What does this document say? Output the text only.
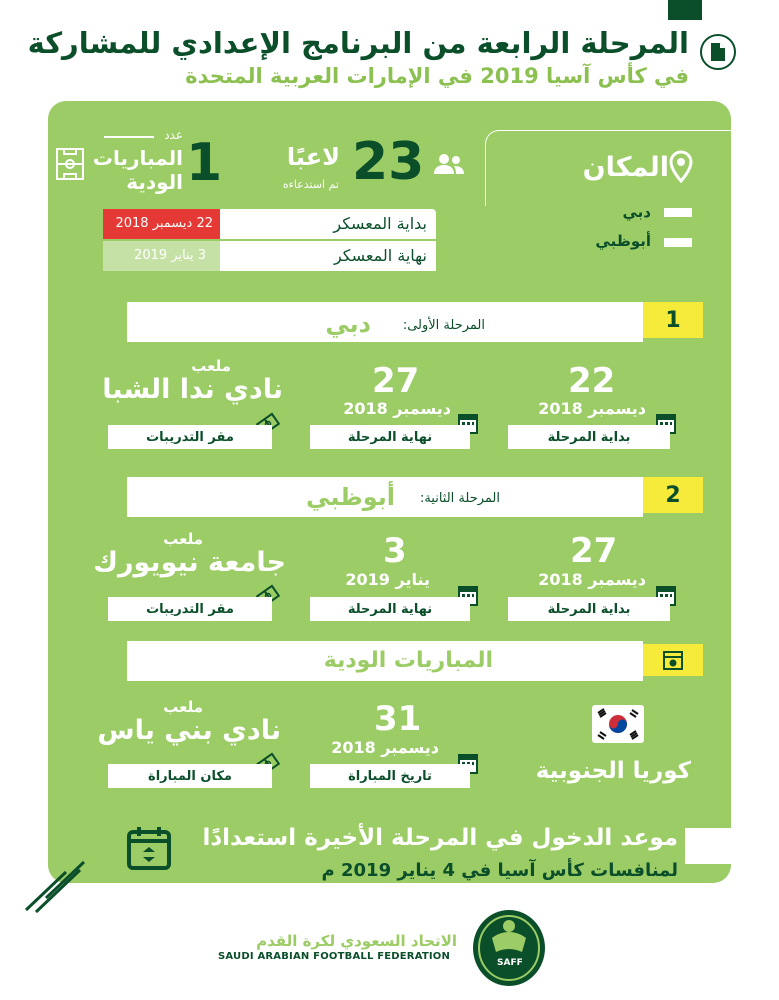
المرحلة الرابعة من البرنامج الإعدادي للمشاركة
في كأس آسيا 2019 في الإمارات العربية المتحدة
المكان
دبي
أبوظبي
23
لاعبًا
تم استدعاءه
1
عدد
المباريات
الودية
بداية المعسكر
22 ديسمبر 2018
نهاية المعسكر
3 يناير 2019
1
المرحلة الأولى:
دبي
22
ديسمبر 2018
بداية المرحلة
27
ديسمبر 2018
نهاية المرحلة
ملعب
نادي ندا الشبا
مقر التدريبات
2
المرحلة الثانية:
أبوظبي
27
ديسمبر 2018
بداية المرحلة
3
يناير 2019
نهاية المرحلة
ملعب
جامعة نيويورك
مقر التدريبات
المباريات الودية
كوريا الجنوبية
31
ديسمبر 2018
تاريخ المباراة
ملعب
نادي بني ياس
مكان المباراة
موعد الدخول في المرحلة الأخيرة استعدادًا
لمنافسات كأس آسيا في 4 يناير 2019 م
الاتحاد السعودي لكرة القدم
SAUDI ARABIAN FOOTBALL FEDERATION
SAFF
